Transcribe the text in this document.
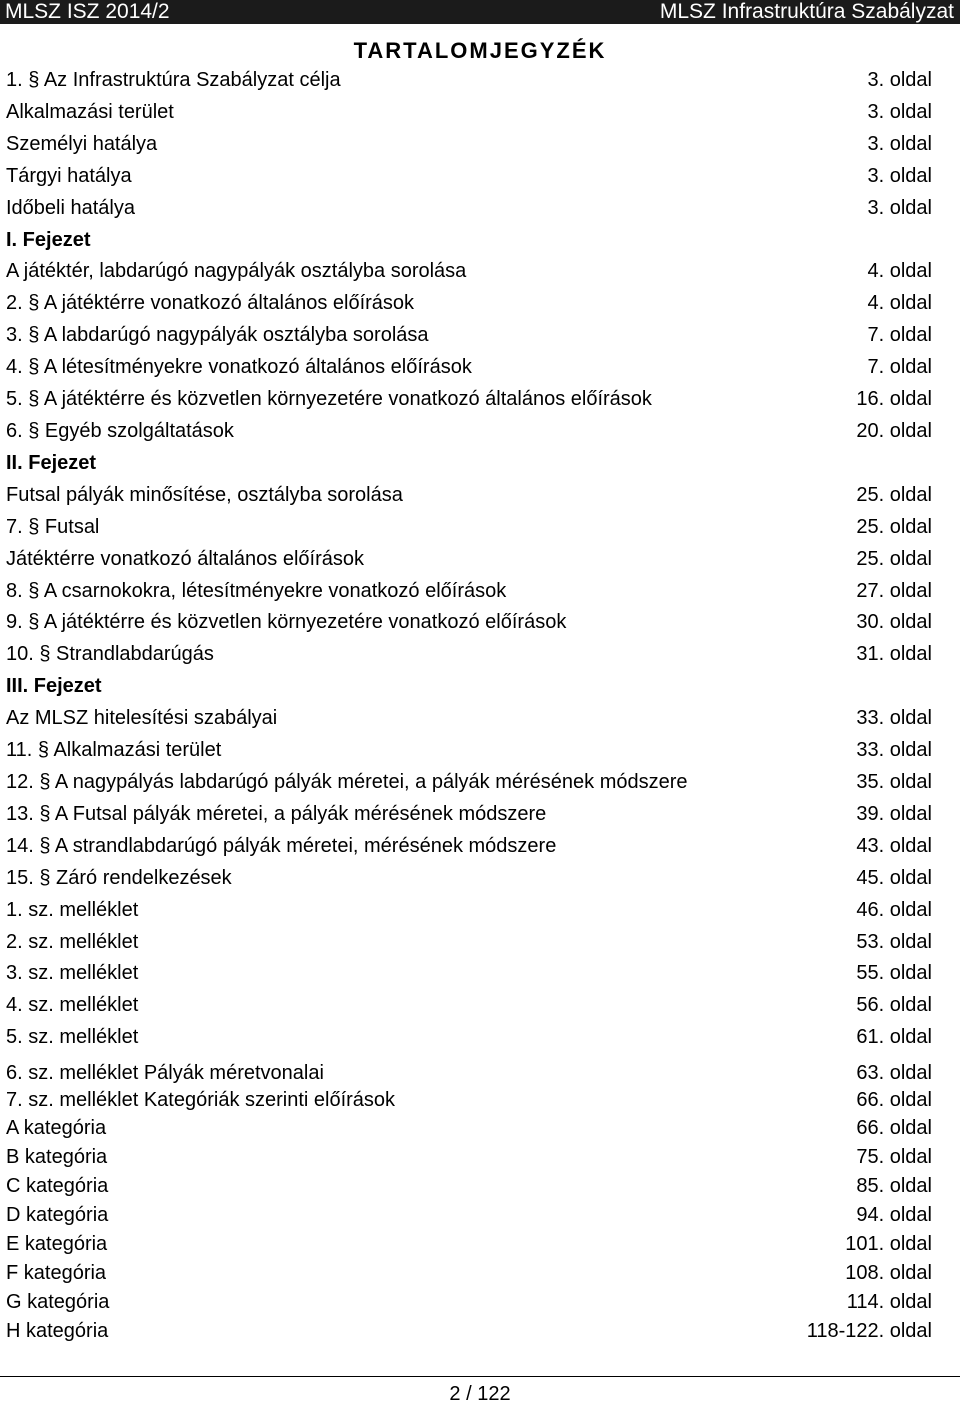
MLSZ ISZ 2014/2	MLSZ Infrastruktúra Szabályzat
TARTALOMJEGYZÉK
1. § Az Infrastruktúra Szabályzat célja	3. oldal
Alkalmazási terület	3. oldal
Személyi hatálya	3. oldal
Tárgyi hatálya	3. oldal
Időbeli hatálya	3. oldal
I. Fejezet
A játéktér, labdarúgó nagypályák osztályba sorolása	4. oldal
2. § A játéktérre vonatkozó általános előírások	4. oldal
3. § A labdarúgó nagypályák osztályba sorolása	7. oldal
4. § A létesítményekre vonatkozó általános előírások	7. oldal
5. § A játéktérre és közvetlen környezetére vonatkozó általános előírások	16. oldal
6. § Egyéb szolgáltatások	20. oldal
II. Fejezet
Futsal pályák minősítése, osztályba sorolása	25. oldal
7. § Futsal	25. oldal
Játéktérre vonatkozó általános előírások	25. oldal
8. § A csarnokokra, létesítményekre vonatkozó előírások	27. oldal
9. § A játéktérre és közvetlen környezetére vonatkozó előírások	30. oldal
10. § Strandlabdarúgás	31. oldal
III. Fejezet
Az MLSZ hitelesítési szabályai	33. oldal
11. § Alkalmazási terület	33. oldal
12. § A nagypályás labdarúgó pályák méretei, a pályák mérésének módszere	35. oldal
13. § A Futsal pályák méretei, a pályák mérésének módszere	39. oldal
14. § A strandlabdarúgó pályák méretei, mérésének módszere	43. oldal
15. § Záró rendelkezések	45. oldal
1. sz. melléklet	46. oldal
2. sz. melléklet	53. oldal
3. sz. melléklet	55. oldal
4. sz. melléklet	56. oldal
5. sz. melléklet	61. oldal
6. sz. melléklet Pályák méretvonalai	63. oldal
7. sz. melléklet Kategóriák szerinti előírások	66. oldal
A kategória	66. oldal
B kategória	75. oldal
C kategória	85. oldal
D kategória	94. oldal
E kategória	101. oldal
F kategória	108. oldal
G kategória	114. oldal
H kategória	118-122. oldal
2 / 122
